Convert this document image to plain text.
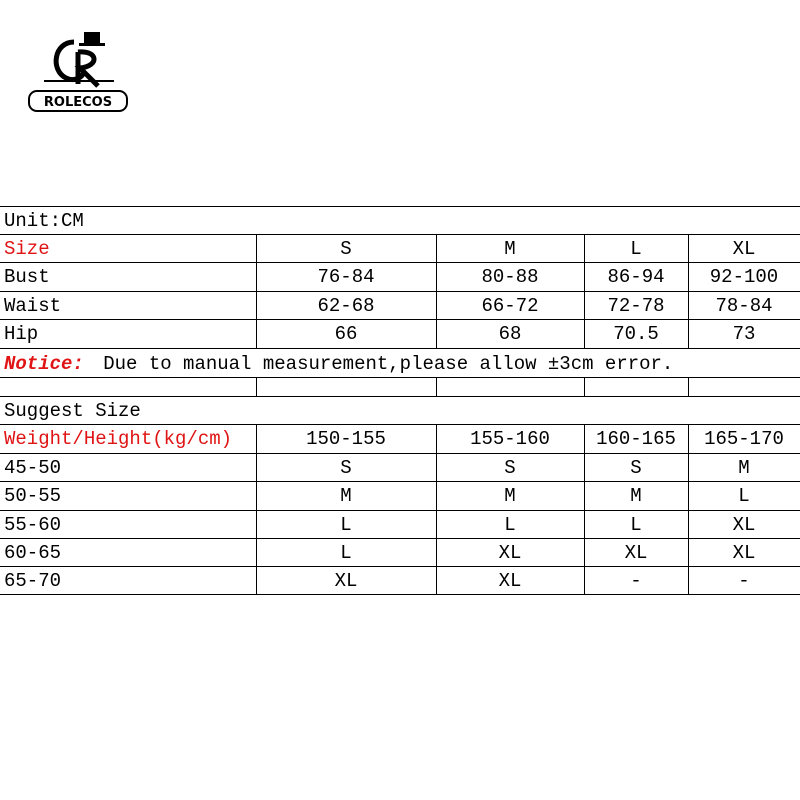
ROLECOS
Unit:CM
Size	S	M	L	XL
Bust	76-84	80-88	86-94	92-100
Waist	62-68	66-72	72-78	78-84
Hip	66	68	70.5	73
Notice: Due to manual measurement,please allow ±3cm error.
Suggest Size
Weight/Height(kg/cm)	150-155	155-160	160-165	165-170
45-50	S	S	S	M
50-55	M	M	M	L
55-60	L	L	L	XL
60-65	L	XL	XL	XL
65-70	XL	XL	-	-
